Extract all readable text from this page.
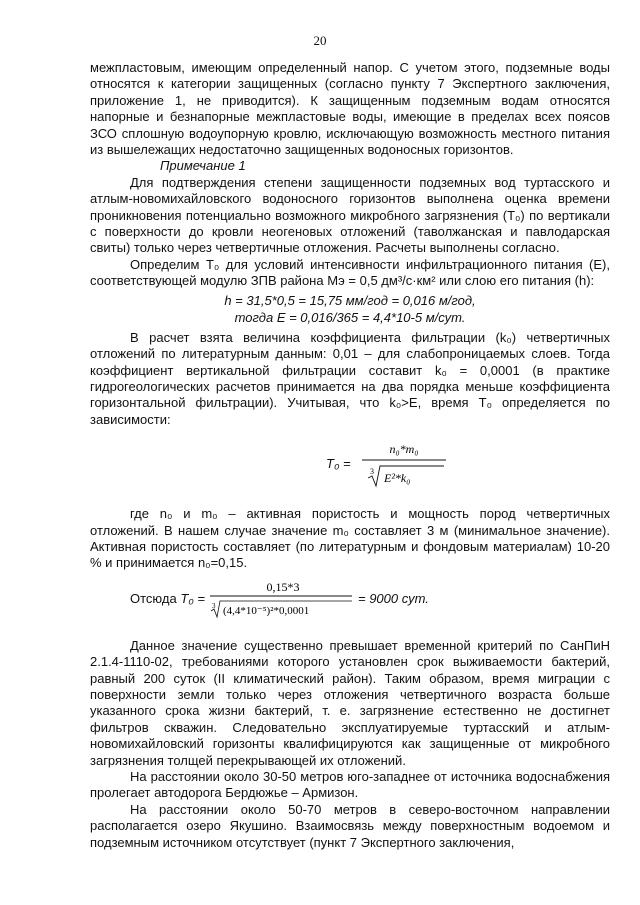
20

межпластовым, имеющим определенный напор. С учетом этого, подземные воды относятся к категории защищенных (согласно пункту 7 Экспертного заключения, приложение 1, не приводится). К защищенным подземным водам относятся напорные и безнапорные межпластовые воды, имеющие в пределах всех поясов ЗСО сплошную водоупорную кровлю, исключающую возможность местного питания из вышележащих недостаточно защищенных водоносных горизонтов.

Примечание 1

Для подтверждения степени защищенности подземных вод туртасского и атлым-новомихайловского водоносного горизонтов выполнена оценка времени проникновения потенциально возможного микробного загрязнения (Т₀) по вертикали с поверхности до кровли неогеновых отложений (таволжанская и павлодарская свиты) только через четвертичные отложения. Расчеты выполнены согласно.

Определим Т₀ для условий интенсивности инфильтрационного питания (Е), соответствующей модулю ЗПВ района Мэ = 0,5 дм³/с·км² или слою его питания (h):

h = 31,5*0,5 = 15,75 мм/год = 0,016 м/год,
тогда Е = 0,016/365 = 4,4*10-5 м/сут.

В расчет взята величина коэффициента фильтрации (k₀) четвертичных отложений по литературным данным: 0,01 – для слабопроницаемых слоев. Тогда коэффициент вертикальной фильтрации составит k₀ = 0,0001 (в практике гидрогеологических расчетов принимается на два порядка меньше коэффициента горизонтальной фильтрации). Учитывая, что k₀>Е, время Т₀ определяется по зависимости:

T₀ =
n₀*m₀
3 E²*k₀

где n₀ и m₀ – активная пористость и мощность пород четвертичных отложений. В нашем случае значение m₀ составляет 3 м (минимальное значение). Активная пористость составляет (по литературным и фондовым материалам) 10-20 % и принимается n₀=0,15.

Отсюда T₀ =
0,15*3
3 (4,4*10⁻⁵)²*0,0001
= 9000 сут.

Данное значение существенно превышает временной критерий по СанПиН 2.1.4-1110-02, требованиями которого установлен срок выживаемости бактерий, равный 200 суток (II климатический район). Таким образом, время миграции с поверхности земли только через отложения четвертичного возраста больше указанного срока жизни бактерий, т. е. загрязнение естественно не достигнет фильтров скважин. Следовательно эксплуатируемые туртасский и атлым-новомихайловский горизонты квалифицируются как защищенные от микробного загрязнения толщей перекрывающей их отложений.

На расстоянии около 30-50 метров юго-западнее от источника водоснабжения пролегает автодорога Бердюжье – Армизон.

На расстоянии около 50-70 метров в северо-восточном направлении располагается озеро Якушино. Взаимосвязь между поверхностным водоемом и подземным источником отсутствует (пункт 7 Экспертного заключения,
